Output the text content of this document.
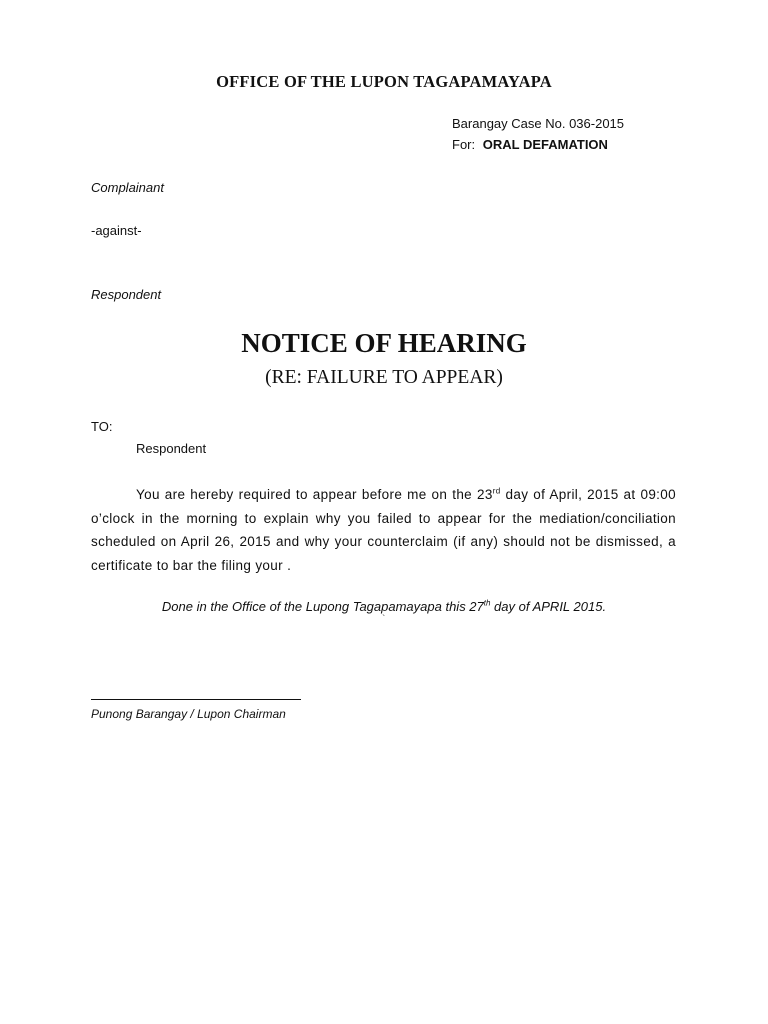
OFFICE OF THE LUPON TAGAPAMAYAPA
Barangay Case No. 036-2015
For: ORAL DEFAMATION
Complainant
-against-
Respondent
NOTICE OF HEARING
(RE: FAILURE TO APPEAR)
TO:
Respondent
You are hereby required to appear before me on the 23rd day of April, 2015 at 09:00 o’clock in the morning to explain why you failed to appear for the mediation/conciliation scheduled on April 26, 2015 and why your counterclaim (if any) should not be dismissed, a certificate to bar the filing your .
Done in the Office of the Lupong Tagapamayapa this 27th day of APRIL 2015.
`
Punong Barangay / Lupon Chairman
